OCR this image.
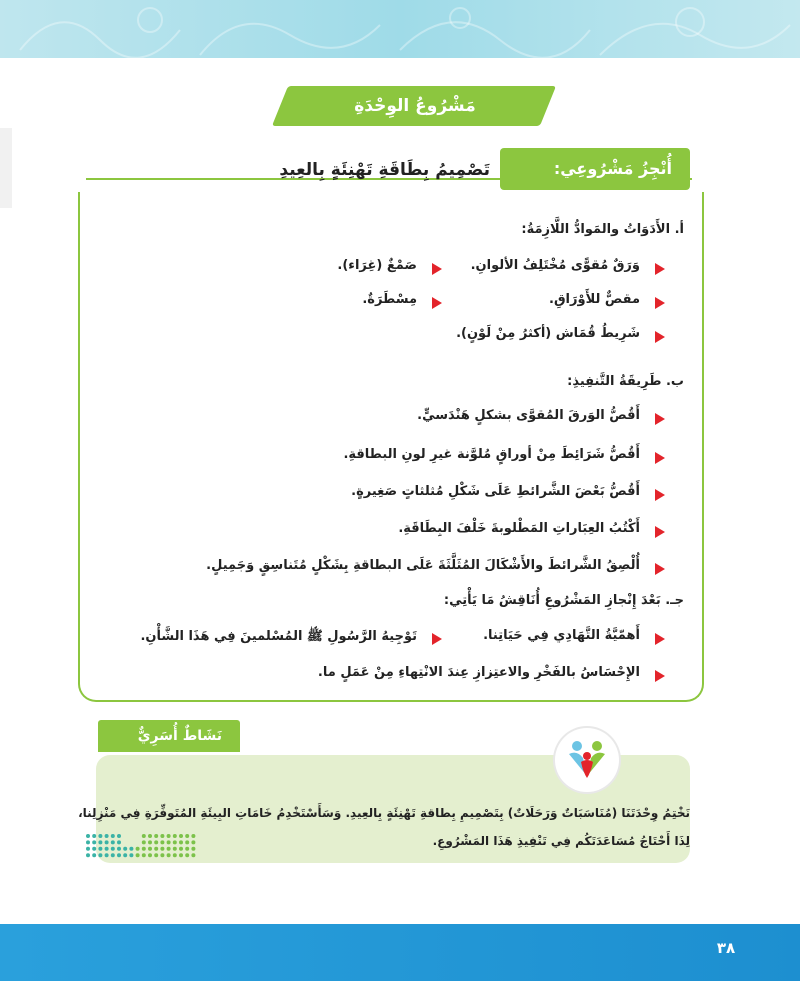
مَشْرُوعُ الوِحْدَةِ
أُنْجِزُ مَشْرُوعِي:
تَصْمِيمُ بِطَاقَةِ تَهْنِئَةٍ بِالعِيدِ
أ. الأَدَوَاتُ والمَوادُّ اللَّازِمَةُ:
وَرَقٌ مُقوًّى مُخْتَلِفُ الألوانِ.
صَمْغٌ (غِرَاء).
مقصٌّ للأَوْرَاقِ.
مِسْطَرَةٌ.
شَرِيطُ قُمَاش (أكثرُ مِنْ لَوْنٍ).
ب. طَرِيقَةُ التَّنفِيذِ:
أَقُصُّ الوَرقَ المُقوَّى بشكلٍ هَنْدَسيٍّ.
أَقُصُّ شَرَائِطَ مِنْ أوراقٍ مُلوَّنة غيرِ لونِ البطاقةِ.
أَقُصُّ بَعْضَ الشَّرائطِ عَلَى شَكْلِ مُثلثاتٍ صَغِيرةٍ.
أَكْتُبُ العِبَاراتِ المَطْلوبةَ خَلْفَ البِطَاقَةِ.
أُلْصِقُ الشَّرائطَ والأَشْكَالَ المُثَلَّثَةَ عَلَى البطاقةِ بِشَكْلٍ مُتَناسِقٍ وَجَمِيلٍ.
جـ. بَعْدَ إِنْجازِ المَشْرُوعِ أُنَاقِشُ مَا يَأْتِي:
أَهمّيَّةُ التَّهَادِي فِي حَيَاتِنا.
تَوْجِيهُ الرَّسُولِ ﷺ المُسْلمينَ فِي هَذَا الشَّأْنِ.
الإِحْسَاسُ بالفَخْرِ والاعتِزازِ عِندَ الانْتِهاءِ مِنْ عَمَلٍ ما.
نَشَاطٌ أُسَرِيٌّ
نَخْتِمُ وِحْدَتَنَا (مُنَاسَبَاتٌ وَرَحَلَاتٌ) بِتَصْمِيمِ بِطاقةِ تَهْنِئَةٍ بِالعِيدِ. وَسَأَسْتَخْدِمُ خَامَاتِ البِيئَةِ المُتَوفِّرَةِ فِي مَنْزِلِنا،
لِذَا أَحْتَاجُ مُسَاعَدَتَكُم فِي تَنْفِيذِ هَذَا المَشْرُوعِ.
٣٨
